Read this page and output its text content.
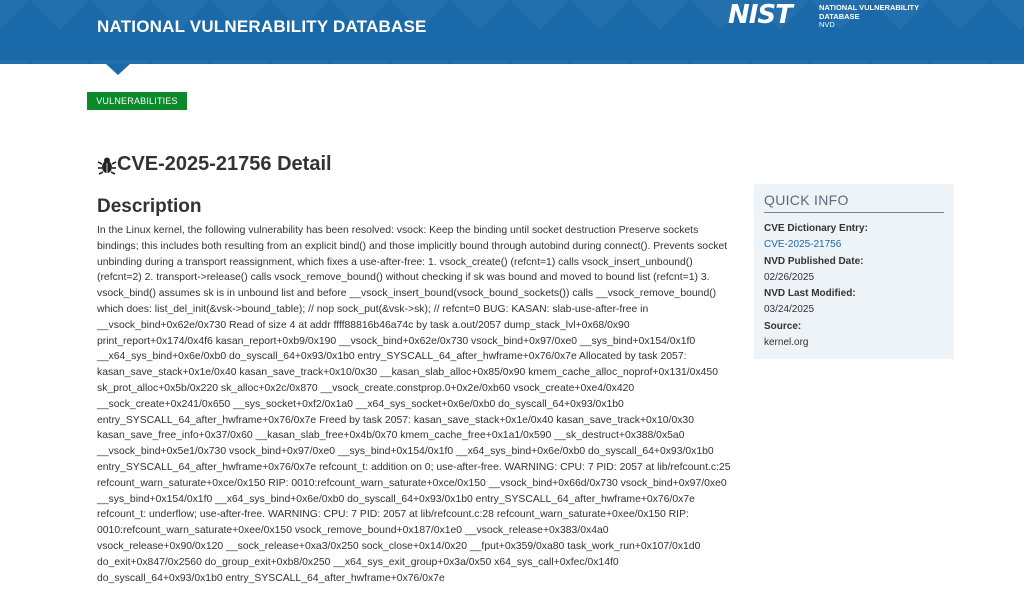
NATIONAL VULNERABILITY DATABASE	NIST	NATIONAL VULNERABILITY
DATABASE
NVD
VULNERABILITIES
CVE-2025-21756 Detail
Description
In the Linux kernel, the following vulnerability has been resolved: vsock: Keep the binding until socket destruction Preserve sockets bindings; this includes both resulting from an explicit bind() and those implicitly bound through autobind during connect(). Prevents socket unbinding during a transport reassignment, which fixes a use-after-free: 1. vsock_create() (refcnt=1) calls vsock_insert_unbound() (refcnt=2) 2. transport->release() calls vsock_remove_bound() without checking if sk was bound and moved to bound list (refcnt=1) 3. vsock_bind() assumes sk is in unbound list and before __vsock_insert_bound(vsock_bound_sockets()) calls __vsock_remove_bound() which does: list_del_init(&vsk->bound_table); // nop sock_put(&vsk->sk); // refcnt=0 BUG: KASAN: slab-use-after-free in __vsock_bind+0x62e/0x730 Read of size 4 at addr ffff88816b46a74c by task a.out/2057 dump_stack_lvl+0x68/0x90 print_report+0x174/0x4f6 kasan_report+0xb9/0x190 __vsock_bind+0x62e/0x730 vsock_bind+0x97/0xe0 __sys_bind+0x154/0x1f0 __x64_sys_bind+0x6e/0xb0 do_syscall_64+0x93/0x1b0 entry_SYSCALL_64_after_hwframe+0x76/0x7e Allocated by task 2057: kasan_save_stack+0x1e/0x40 kasan_save_track+0x10/0x30 __kasan_slab_alloc+0x85/0x90 kmem_cache_alloc_noprof+0x131/0x450 sk_prot_alloc+0x5b/0x220 sk_alloc+0x2c/0x870 __vsock_create.constprop.0+0x2e/0xb60 vsock_create+0xe4/0x420 __sock_create+0x241/0x650 __sys_socket+0xf2/0x1a0 __x64_sys_socket+0x6e/0xb0 do_syscall_64+0x93/0x1b0 entry_SYSCALL_64_after_hwframe+0x76/0x7e Freed by task 2057: kasan_save_stack+0x1e/0x40 kasan_save_track+0x10/0x30 kasan_save_free_info+0x37/0x60 __kasan_slab_free+0x4b/0x70 kmem_cache_free+0x1a1/0x590 __sk_destruct+0x388/0x5a0 __vsock_bind+0x5e1/0x730 vsock_bind+0x97/0xe0 __sys_bind+0x154/0x1f0 __x64_sys_bind+0x6e/0xb0 do_syscall_64+0x93/0x1b0 entry_SYSCALL_64_after_hwframe+0x76/0x7e refcount_t: addition on 0; use-after-free. WARNING: CPU: 7 PID: 2057 at lib/refcount.c:25 refcount_warn_saturate+0xce/0x150 RIP: 0010:refcount_warn_saturate+0xce/0x150 __vsock_bind+0x66d/0x730 vsock_bind+0x97/0xe0 __sys_bind+0x154/0x1f0 __x64_sys_bind+0x6e/0xb0 do_syscall_64+0x93/0x1b0 entry_SYSCALL_64_after_hwframe+0x76/0x7e refcount_t: underflow; use-after-free. WARNING: CPU: 7 PID: 2057 at lib/refcount.c:28 refcount_warn_saturate+0xee/0x150 RIP: 0010:refcount_warn_saturate+0xee/0x150 vsock_remove_bound+0x187/0x1e0 __vsock_release+0x383/0x4a0 vsock_release+0x90/0x120 __sock_release+0xa3/0x250 sock_close+0x14/0x20 __fput+0x359/0xa80 task_work_run+0x107/0x1d0 do_exit+0x847/0x2560 do_group_exit+0xb8/0x250 __x64_sys_exit_group+0x3a/0x50 x64_sys_call+0xfec/0x14f0 do_syscall_64+0x93/0x1b0 entry_SYSCALL_64_after_hwframe+0x76/0x7e
QUICK INFO
CVE Dictionary Entry:
CVE-2025-21756
NVD Published Date:
02/26/2025
NVD Last Modified:
03/24/2025
Source:
kernel.org
